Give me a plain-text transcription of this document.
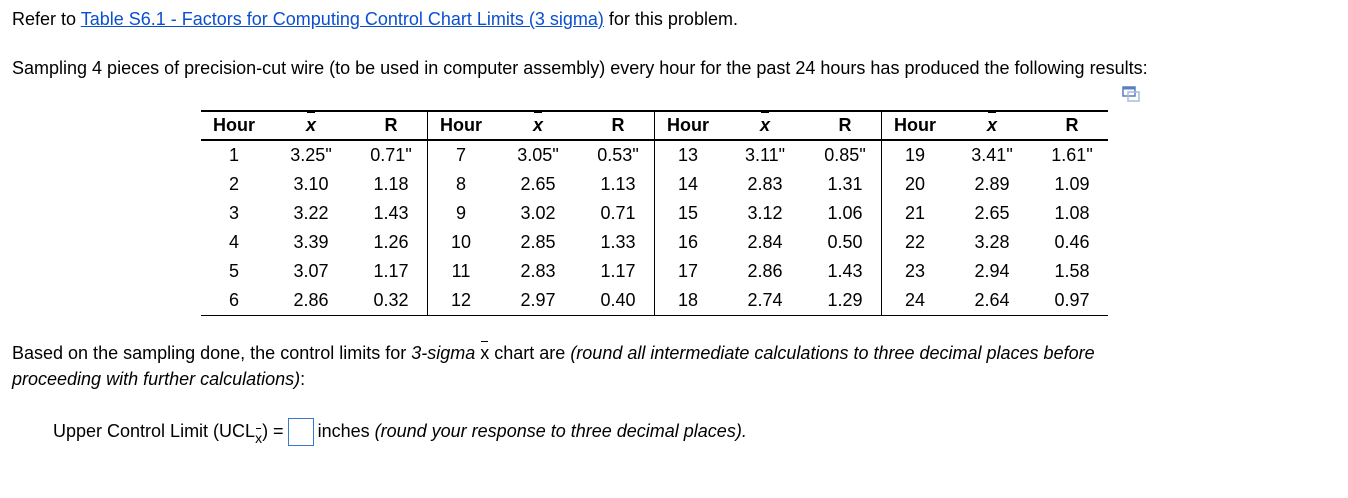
Refer to Table S6.1 - Factors for Computing Control Chart Limits (3 sigma) for this problem.
Sampling 4 pieces of precision-cut wire (to be used in computer assembly) every hour for the past 24 hours has produced the following results:
Hour	x	R	Hour	x	R	Hour	x	R	Hour	x	R
1	3.25"	0.71"	7	3.05"	0.53"	13	3.11"	0.85"	19	3.41"	1.61"
2	3.10	1.18	8	2.65	1.13	14	2.83	1.31	20	2.89	1.09
3	3.22	1.43	9	3.02	0.71	15	3.12	1.06	21	2.65	1.08
4	3.39	1.26	10	2.85	1.33	16	2.84	0.50	22	3.28	0.46
5	3.07	1.17	11	2.83	1.17	17	2.86	1.43	23	2.94	1.58
6	2.86	0.32	12	2.97	0.40	18	2.74	1.29	24	2.64	0.97
Based on the sampling done, the control limits for 3-sigma x chart are (round all intermediate calculations to three decimal places before
proceeding with further calculations):
Upper Control Limit (UCLx) = inches (round your response to three decimal places).
